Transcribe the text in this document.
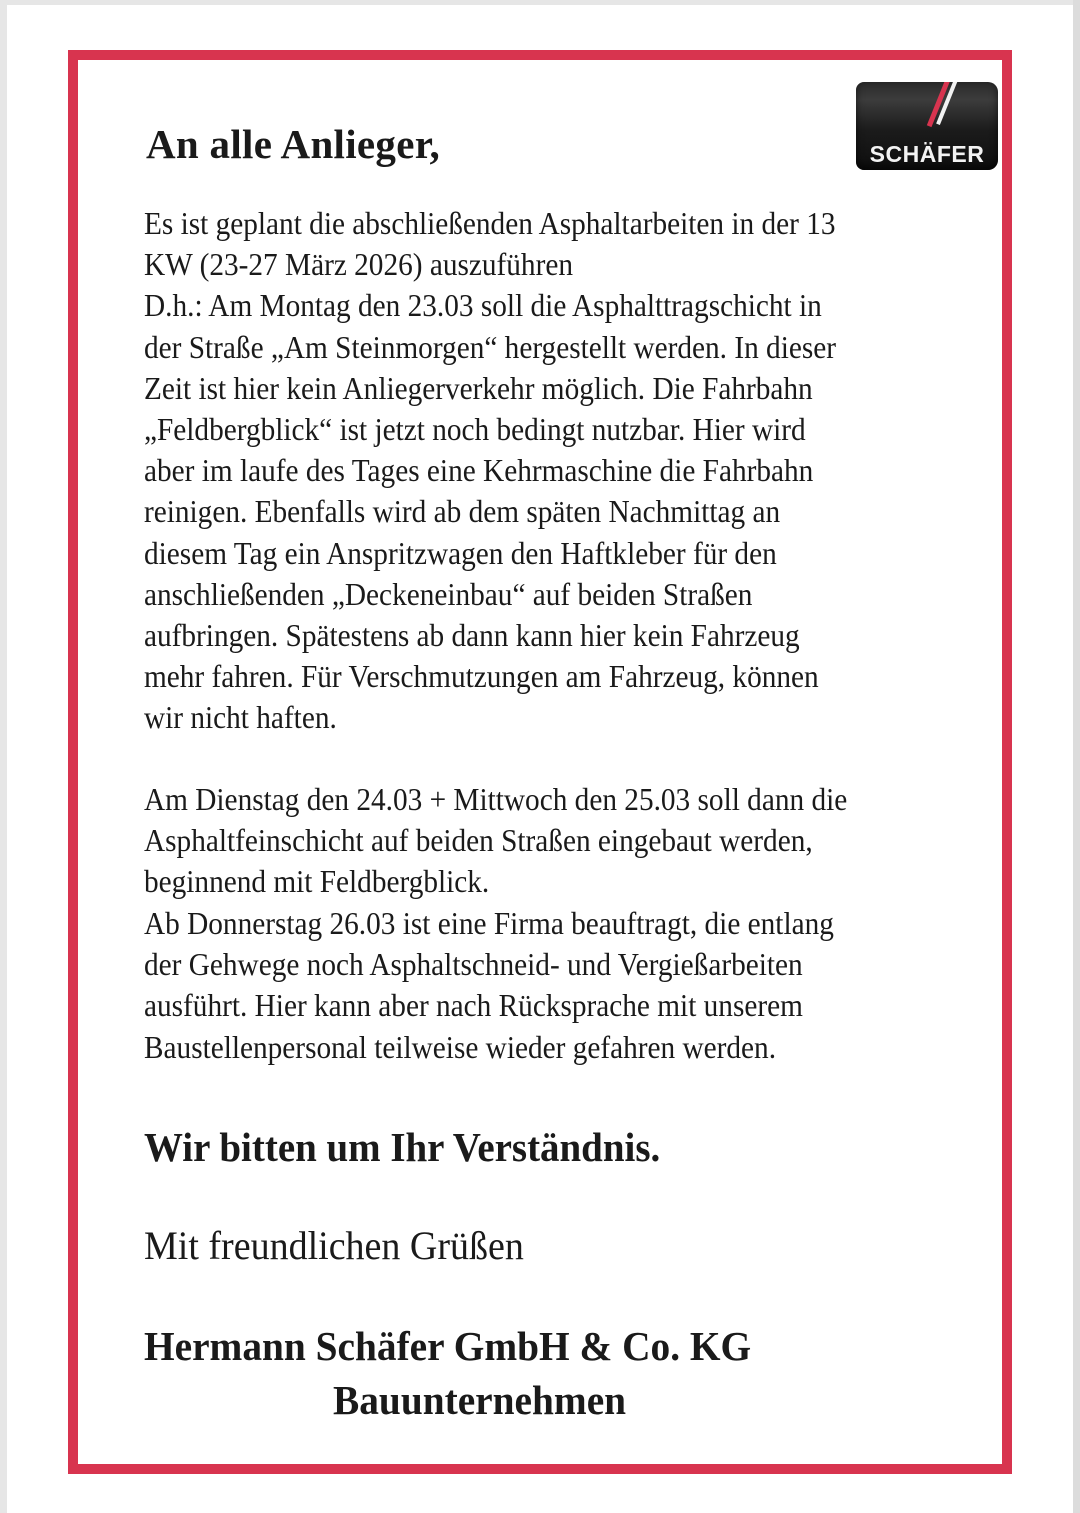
An alle Anlieger,	SCHÄFER
Es ist geplant die abschließenden Asphaltarbeiten in der 13
KW (23-27 März 2026) auszuführen
D.h.: Am Montag den 23.03 soll die Asphalttragschicht in
der Straße „Am Steinmorgen“ hergestellt werden. In dieser
Zeit ist hier kein Anliegerverkehr möglich. Die Fahrbahn
„Feldbergblick“ ist jetzt noch bedingt nutzbar. Hier wird
aber im laufe des Tages eine Kehrmaschine die Fahrbahn
reinigen. Ebenfalls wird ab dem späten Nachmittag an
diesem Tag ein Anspritzwagen den Haftkleber für den
anschließenden „Deckeneinbau“ auf beiden Straßen
aufbringen. Spätestens ab dann kann hier kein Fahrzeug
mehr fahren. Für Verschmutzungen am Fahrzeug, können
wir nicht haften.
Am Dienstag den 24.03 + Mittwoch den 25.03 soll dann die
Asphaltfeinschicht auf beiden Straßen eingebaut werden,
beginnend mit Feldbergblick.
Ab Donnerstag 26.03 ist eine Firma beauftragt, die entlang
der Gehwege noch Asphaltschneid- und Vergießarbeiten
ausführt. Hier kann aber nach Rücksprache mit unserem
Baustellenpersonal teilweise wieder gefahren werden.
Wir bitten um Ihr Verständnis.
Mit freundlichen Grüßen
Hermann Schäfer GmbH & Co. KG
Bauunternehmen
